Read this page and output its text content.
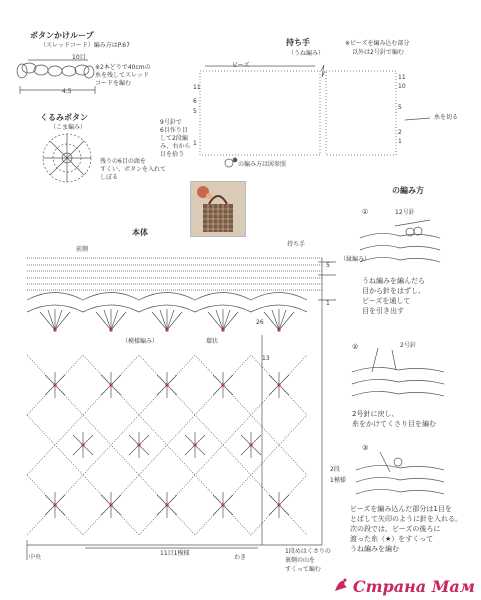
ボタンかけループ
（スレッドコード）編み方はP.67
10目
※2本どりで40cmの
糸を残してスレッド
コードを編む
4.5
くるみボタン
（こま編み）
残りの6目の頭を
すくい、ボタンを入れて
しぼる
持ち手
（うね編み）
※ビーズを編み込む部分
以外は2号針で編む
ビーズ
9号針で
6目作り目
して2段編
み、右から
目を拾う
糸を切る
11
10
5
2
1
11
6
5
1
の編み方は図参照
本体
前側
持ち手
（模様編み）
（縁編み）
環状
5
1
26
13
2段
1模様
中央
11目1模様
わき
1段めはくさりの
裏側の山を
すくって編む
の編み方
①	12号針
うね編みを編んだら
目から針をはずし、
ビーズを通して
目を引き出す
②	2号針
2号針に戻し、
糸をかけてくさり目を編む
③
ビーズを編み込んだ部分は1目を
とばして矢印のように針を入れる。
次の段では、ビーズの後ろに
渡った糸（★）をすくって
うね編みを編む
Страна Мам
